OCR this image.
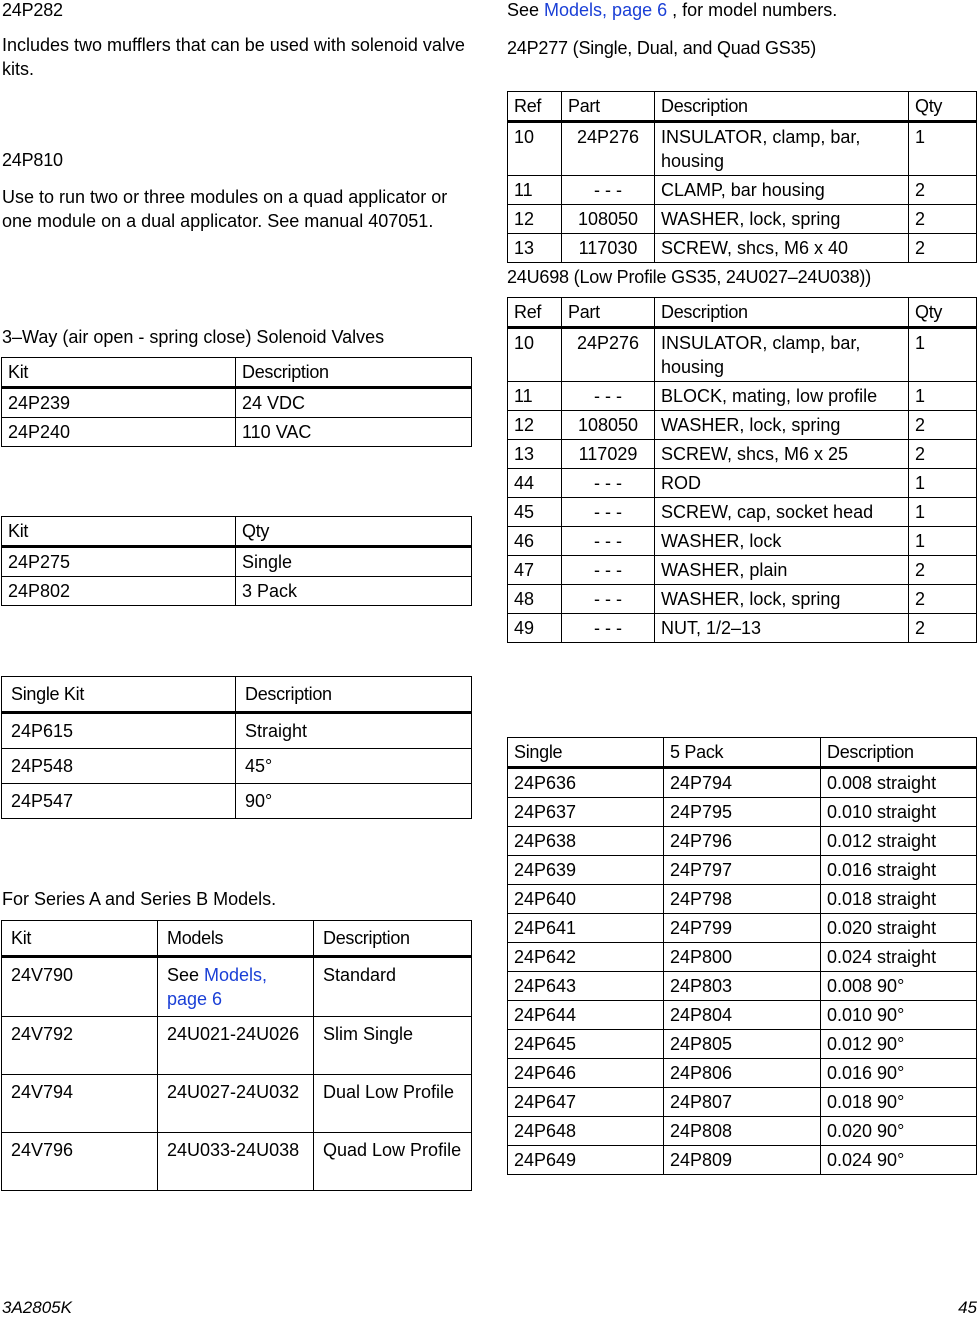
24P282
Includes two mufflers that can be used with solenoid valve kits.
24P810
Use to run two or three modules on a quad applicator or one module on a dual applicator. See manual 407051.
3–Way (air open - spring close) Solenoid Valves
Kit	Description
24P239	24 VDC
24P240	110 VAC
Kit	Qty
24P275	Single
24P802	3 Pack
Single Kit	Description
24P615	Straight
24P548	45°
24P547	90°
For Series A and Series B Models.
Kit	Models	Description
24V790	See Models, page 6	Standard
24V792	24U021-24U026	Slim Single
24V794	24U027-24U032	Dual Low Profile
24V796	24U033-24U038	Quad Low Profile
See Models, page 6 , for model numbers.
24P277 (Single, Dual, and Quad GS35)
Ref	Part	Description	Qty
10	24P276	INSULATOR, clamp, bar, housing	1
11	- - -	CLAMP, bar housing	2
12	108050	WASHER, lock, spring	2
13	117030	SCREW, shcs, M6 x 40	2
24U698 (Low Profile GS35, 24U027–24U038))
Ref	Part	Description	Qty
10	24P276	INSULATOR, clamp, bar, housing	1
11	- - -	BLOCK, mating, low profile	1
12	108050	WASHER, lock, spring	2
13	117029	SCREW, shcs, M6 x 25	2
44	- - -	ROD	1
45	- - -	SCREW, cap, socket head	1
46	- - -	WASHER, lock	1
47	- - -	WASHER, plain	2
48	- - -	WASHER, lock, spring	2
49	- - -	NUT, 1/2–13	2
Single	5 Pack	Description
24P636	24P794	0.008 straight
24P637	24P795	0.010 straight
24P638	24P796	0.012 straight
24P639	24P797	0.016 straight
24P640	24P798	0.018 straight
24P641	24P799	0.020 straight
24P642	24P800	0.024 straight
24P643	24P803	0.008 90°
24P644	24P804	0.010 90°
24P645	24P805	0.012 90°
24P646	24P806	0.016 90°
24P647	24P807	0.018 90°
24P648	24P808	0.020 90°
24P649	24P809	0.024 90°
3A2805K	45
